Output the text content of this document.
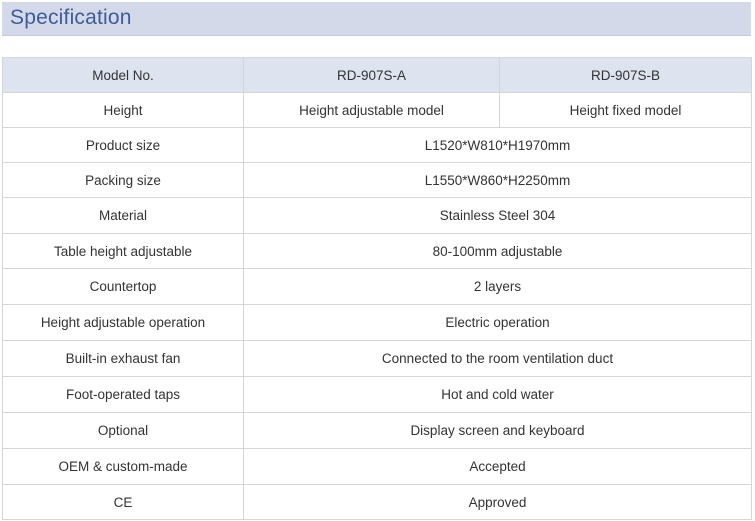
Specification
Model No.	RD-907S-A	RD-907S-B
Height	Height adjustable model	Height fixed model
Product size	L1520*W810*H1970mm	
Packing size	L1550*W860*H2250mm	
Material	Stainless Steel 304	
Table height adjustable	80-100mm adjustable	
Countertop	2 layers	
Height adjustable operation	Electric operation	
Built-in exhaust fan	Connected to the room ventilation duct	
Foot-operated taps	Hot and cold water	
Optional	Display screen and keyboard	
OEM & custom-made	Accepted	
CE	Approved	
